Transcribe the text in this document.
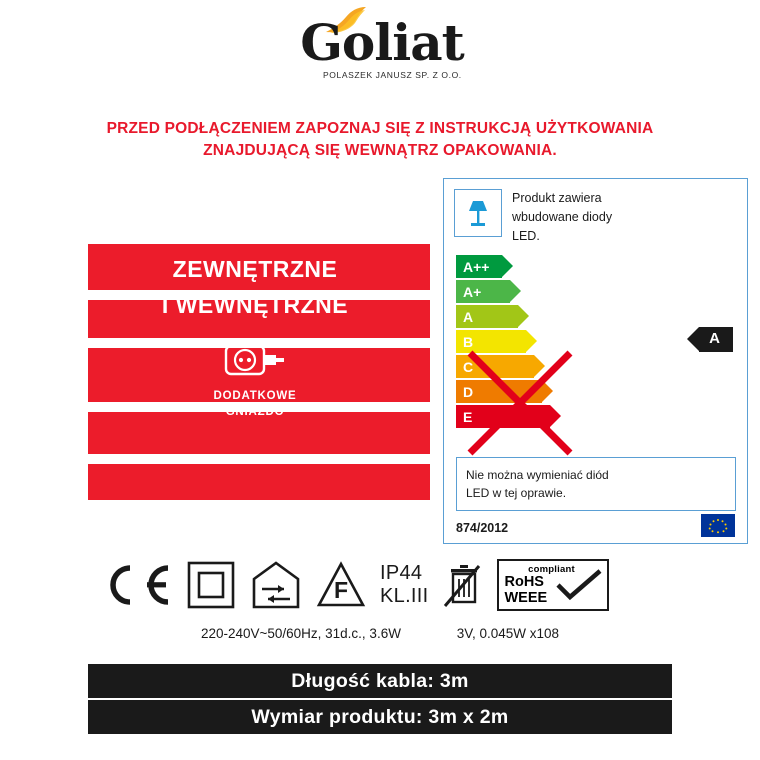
Goliat
POLASZEK JANUSZ SP. Z O.O.
PRZED PODŁĄCZENIEM ZAPOZNAJ SIĘ Z INSTRUKCJĄ UŻYTKOWANIA
ZNAJDUJĄCĄ SIĘ WEWNĄTRZ OPAKOWANIA.
ZEWNĘTRZNE
I WEWNĘTRZNE
DODATKOWE
GNIAZDO
Produkt zawiera
wbudowane diody
LED.
A ++
A +
A
B
C
D
E
A
Nie można wymieniać diód
LED w tej oprawie.
874/2012
F
IP44
KL.III
compliant
RoHS
WEEE
220-240V~50/60Hz, 31d.c., 3.6W	3V, 0.045W x108
Długość kabla: 3m
Wymiar produktu: 3m x 2m
